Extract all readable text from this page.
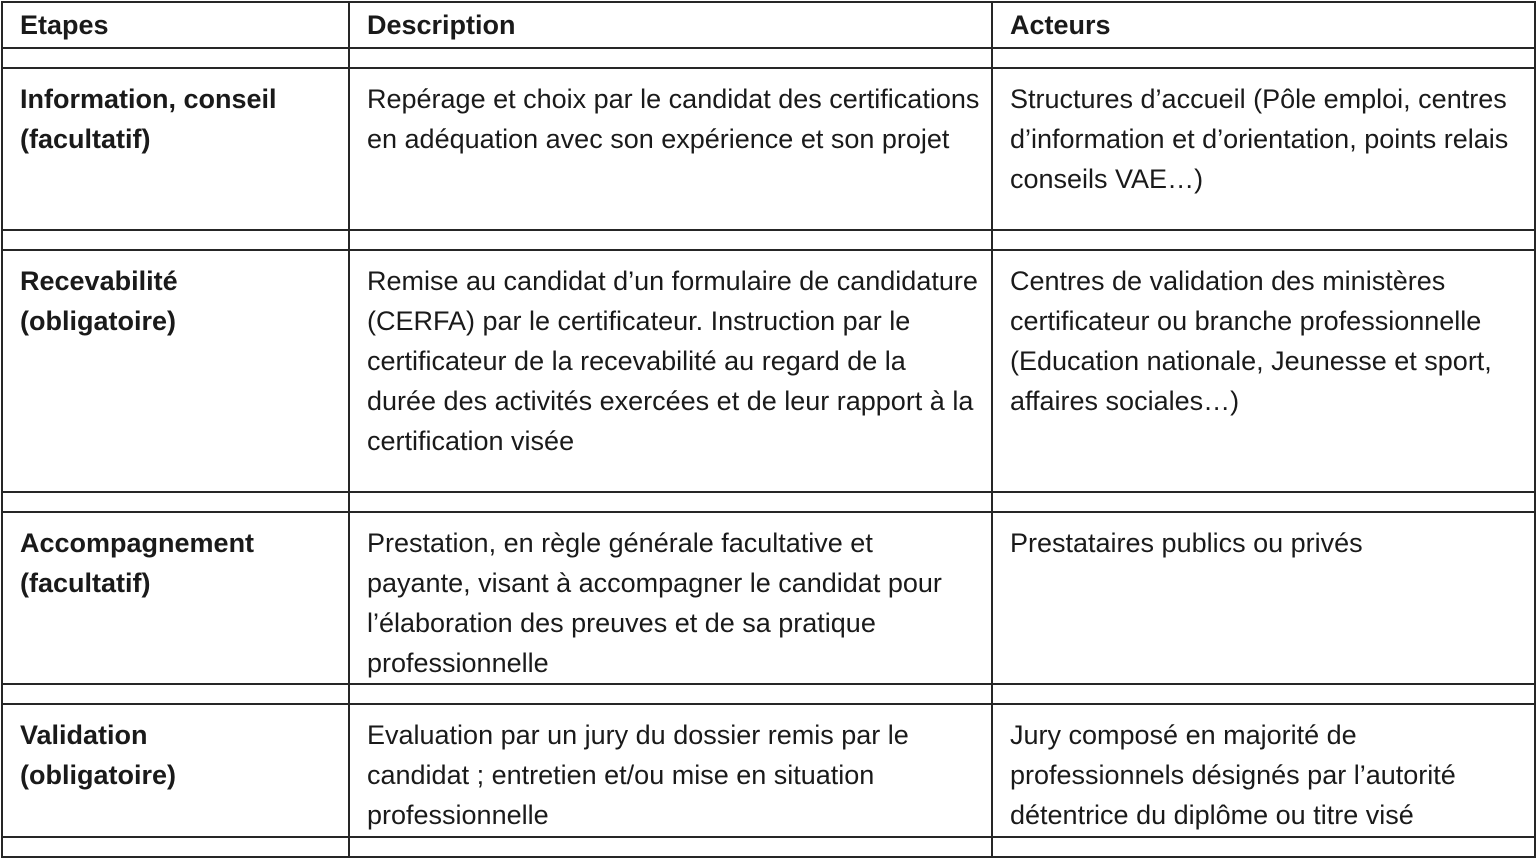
Etapes	Description	Acteurs

Information, conseil
(facultatif)	Repérage et choix par le candidat des certifications en adéquation avec son expérience et son projet	Structures d’accueil (Pôle emploi, centres d’information et d’orientation, points relais conseils VAE…)

Recevabilité
(obligatoire)	Remise au candidat d’un formulaire de candidature (CERFA) par le certificateur. Instruction par le certificateur de la recevabilité au regard de la durée des activités exercées et de leur rapport à la certification visée	Centres de validation des ministères certificateur ou branche professionnelle (Education nationale, Jeunesse et sport, affaires sociales…)

Accompagnement
(facultatif)	Prestation, en règle générale facultative et payante, visant à accompagner le candidat pour l’élaboration des preuves et de sa pratique professionnelle	Prestataires publics ou privés

Validation
(obligatoire)	Evaluation par un jury du dossier remis par le candidat ; entretien et/ou mise en situation professionnelle	Jury composé en majorité de professionnels désignés par l’autorité détentrice du diplôme ou titre visé
